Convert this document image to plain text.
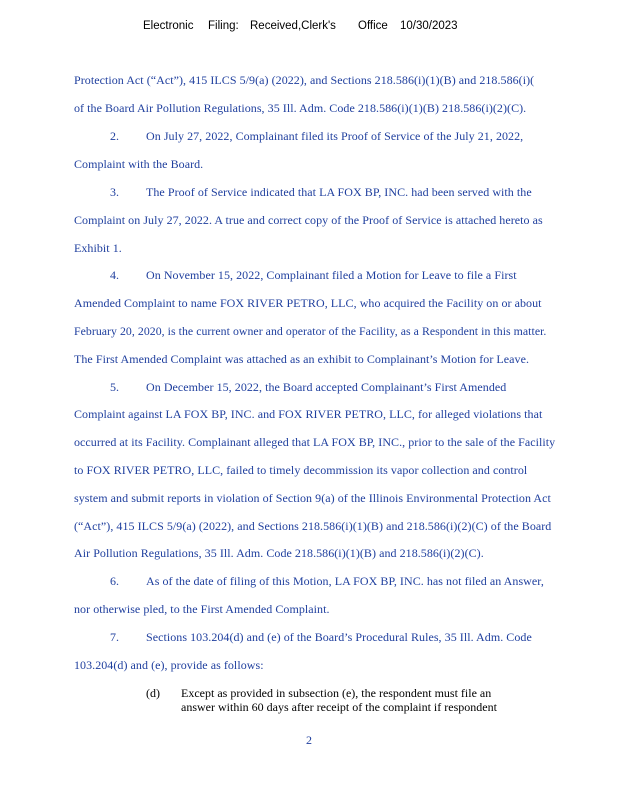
Electronic Filing: Received,Clerk's Office 10/30/2023
Protection Act (“Act”), 415 ILCS 5/9(a) (2022), and Sections 218.586(i)(1)(B) and 218.586(i)(
of the Board Air Pollution Regulations, 35 Ill. Adm. Code 218.586(i)(1)(B) 218.586(i)(2)(C).
2. On July 27, 2022, Complainant filed its Proof of Service of the July 21, 2022,
Complaint with the Board.
3. The Proof of Service indicated that LA FOX BP, INC. had been served with the
Complaint on July 27, 2022. A true and correct copy of the Proof of Service is attached hereto as
Exhibit 1.
4. On November 15, 2022, Complainant filed a Motion for Leave to file a First
Amended Complaint to name FOX RIVER PETRO, LLC, who acquired the Facility on or about
February 20, 2020, is the current owner and operator of the Facility, as a Respondent in this matter.
The First Amended Complaint was attached as an exhibit to Complainant’s Motion for Leave.
5. On December 15, 2022, the Board accepted Complainant’s First Amended
Complaint against LA FOX BP, INC. and FOX RIVER PETRO, LLC, for alleged violations that
occurred at its Facility. Complainant alleged that LA FOX BP, INC., prior to the sale of the Facility
to FOX RIVER PETRO, LLC, failed to timely decommission its vapor collection and control
system and submit reports in violation of Section 9(a) of the Illinois Environmental Protection Act
(“Act”), 415 ILCS 5/9(a) (2022), and Sections 218.586(i)(1)(B) and 218.586(i)(2)(C) of the Board
Air Pollution Regulations, 35 Ill. Adm. Code 218.586(i)(1)(B) and 218.586(i)(2)(C).
6. As of the date of filing of this Motion, LA FOX BP, INC. has not filed an Answer,
nor otherwise pled, to the First Amended Complaint.
7. Sections 103.204(d) and (e) of the Board’s Procedural Rules, 35 Ill. Adm. Code
103.204(d) and (e), provide as follows:
(d) Except as provided in subsection (e), the respondent must file an
answer within 60 days after receipt of the complaint if respondent
2
